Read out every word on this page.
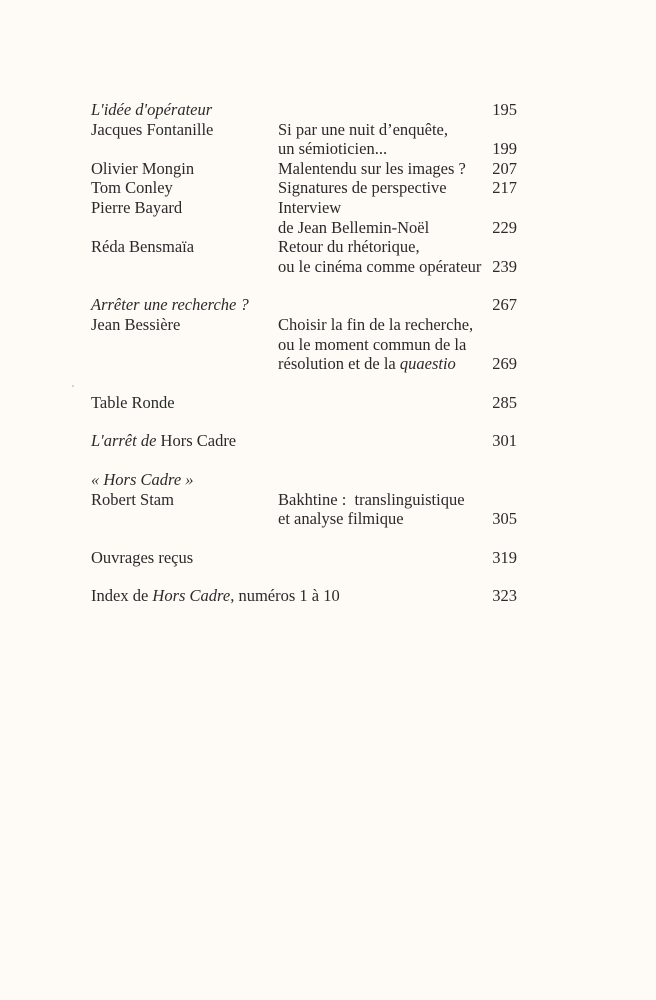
L'idée d'opérateur	195
Jacques Fontanille	Si par une nuit d’enquête,
un sémioticien...	199
Olivier Mongin	Malentendu sur les images ? 207
Tom Conley	Signatures de perspective	217
Pierre Bayard	Interview
de Jean Bellemin-Noël	229
Réda Bensmaïa	Retour du rhétorique,
ou le cinéma comme opérateur 239
Arrêter une recherche ?	267
Jean Bessière	Choisir la fin de la recherche,
ou le moment commun de la
résolution et de la quaestio 269
Table Ronde	285
L'arrêt de Hors Cadre	301
« Hors Cadre »
Robert Stam	Bakhtine :  translinguistique
et analyse filmique	305
Ouvrages reçus	319
Index de Hors Cadre, numéros 1 à 10	323
